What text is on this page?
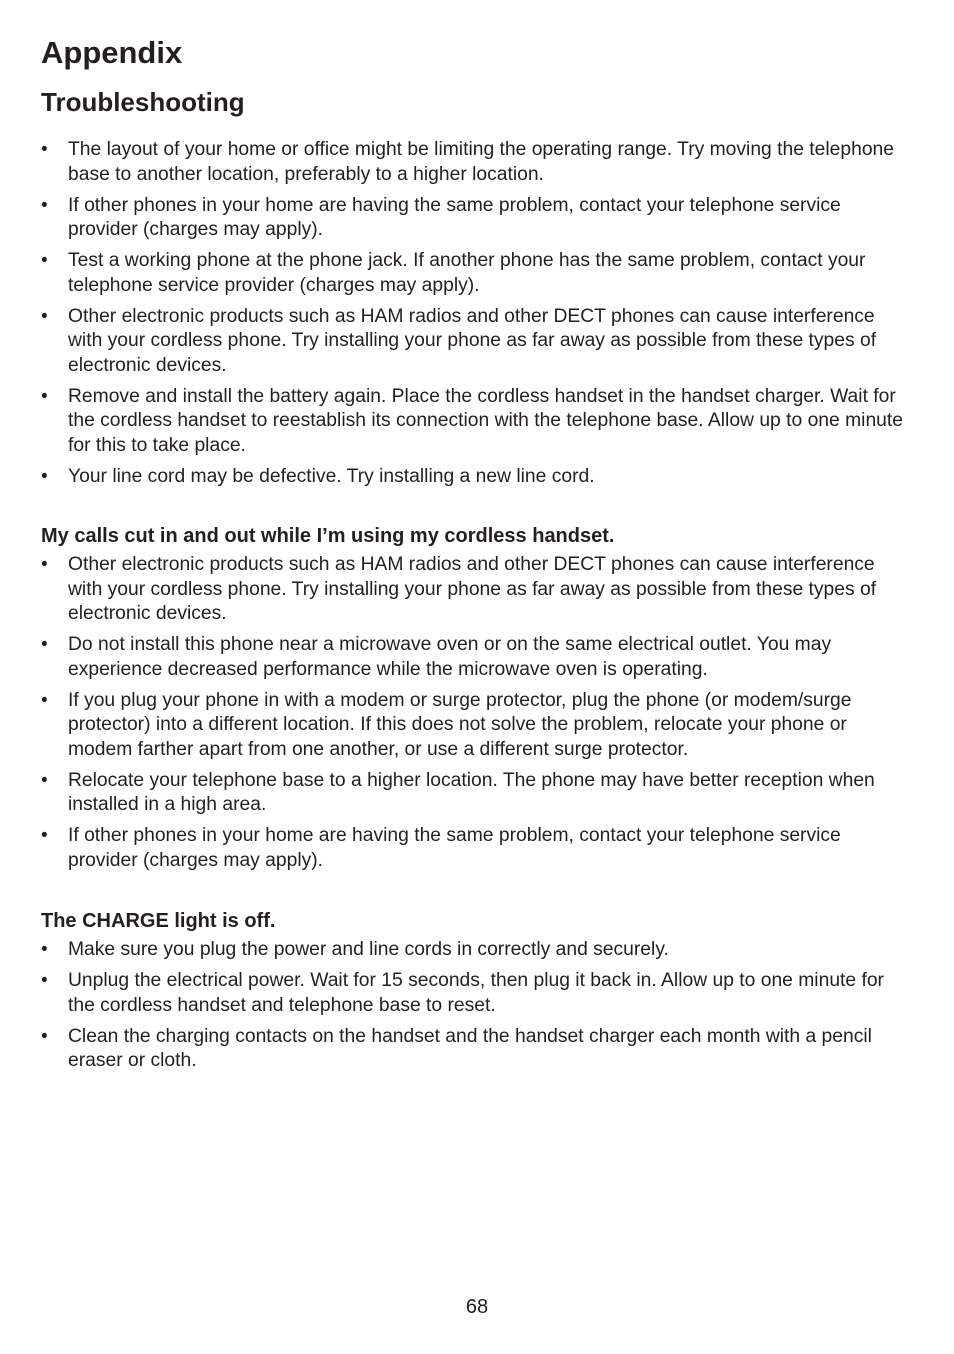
Appendix
Troubleshooting
• The layout of your home or office might be limiting the operating range. Try moving the telephone base to another location, preferably to a higher location.
• If other phones in your home are having the same problem, contact your telephone service provider (charges may apply).
• Test a working phone at the phone jack. If another phone has the same problem, contact your telephone service provider (charges may apply).
• Other electronic products such as HAM radios and other DECT phones can cause interference with your cordless phone. Try installing your phone as far away as possible from these types of electronic devices.
• Remove and install the battery again. Place the cordless handset in the handset charger. Wait for the cordless handset to reestablish its connection with the telephone base. Allow up to one minute for this to take place.
• Your line cord may be defective. Try installing a new line cord.
My calls cut in and out while I’m using my cordless handset.
• Other electronic products such as HAM radios and other DECT phones can cause interference with your cordless phone. Try installing your phone as far away as possible from these types of electronic devices.
• Do not install this phone near a microwave oven or on the same electrical outlet. You may experience decreased performance while the microwave oven is operating.
• If you plug your phone in with a modem or surge protector, plug the phone (or modem/surge protector) into a different location. If this does not solve the problem, relocate your phone or modem farther apart from one another, or use a different surge protector.
• Relocate your telephone base to a higher location. The phone may have better reception when installed in a high area.
• If other phones in your home are having the same problem, contact your telephone service provider (charges may apply).
The CHARGE light is off.
• Make sure you plug the power and line cords in correctly and securely.
• Unplug the electrical power. Wait for 15 seconds, then plug it back in. Allow up to one minute for the cordless handset and telephone base to reset.
• Clean the charging contacts on the handset and the handset charger each month with a pencil eraser or cloth.
68
